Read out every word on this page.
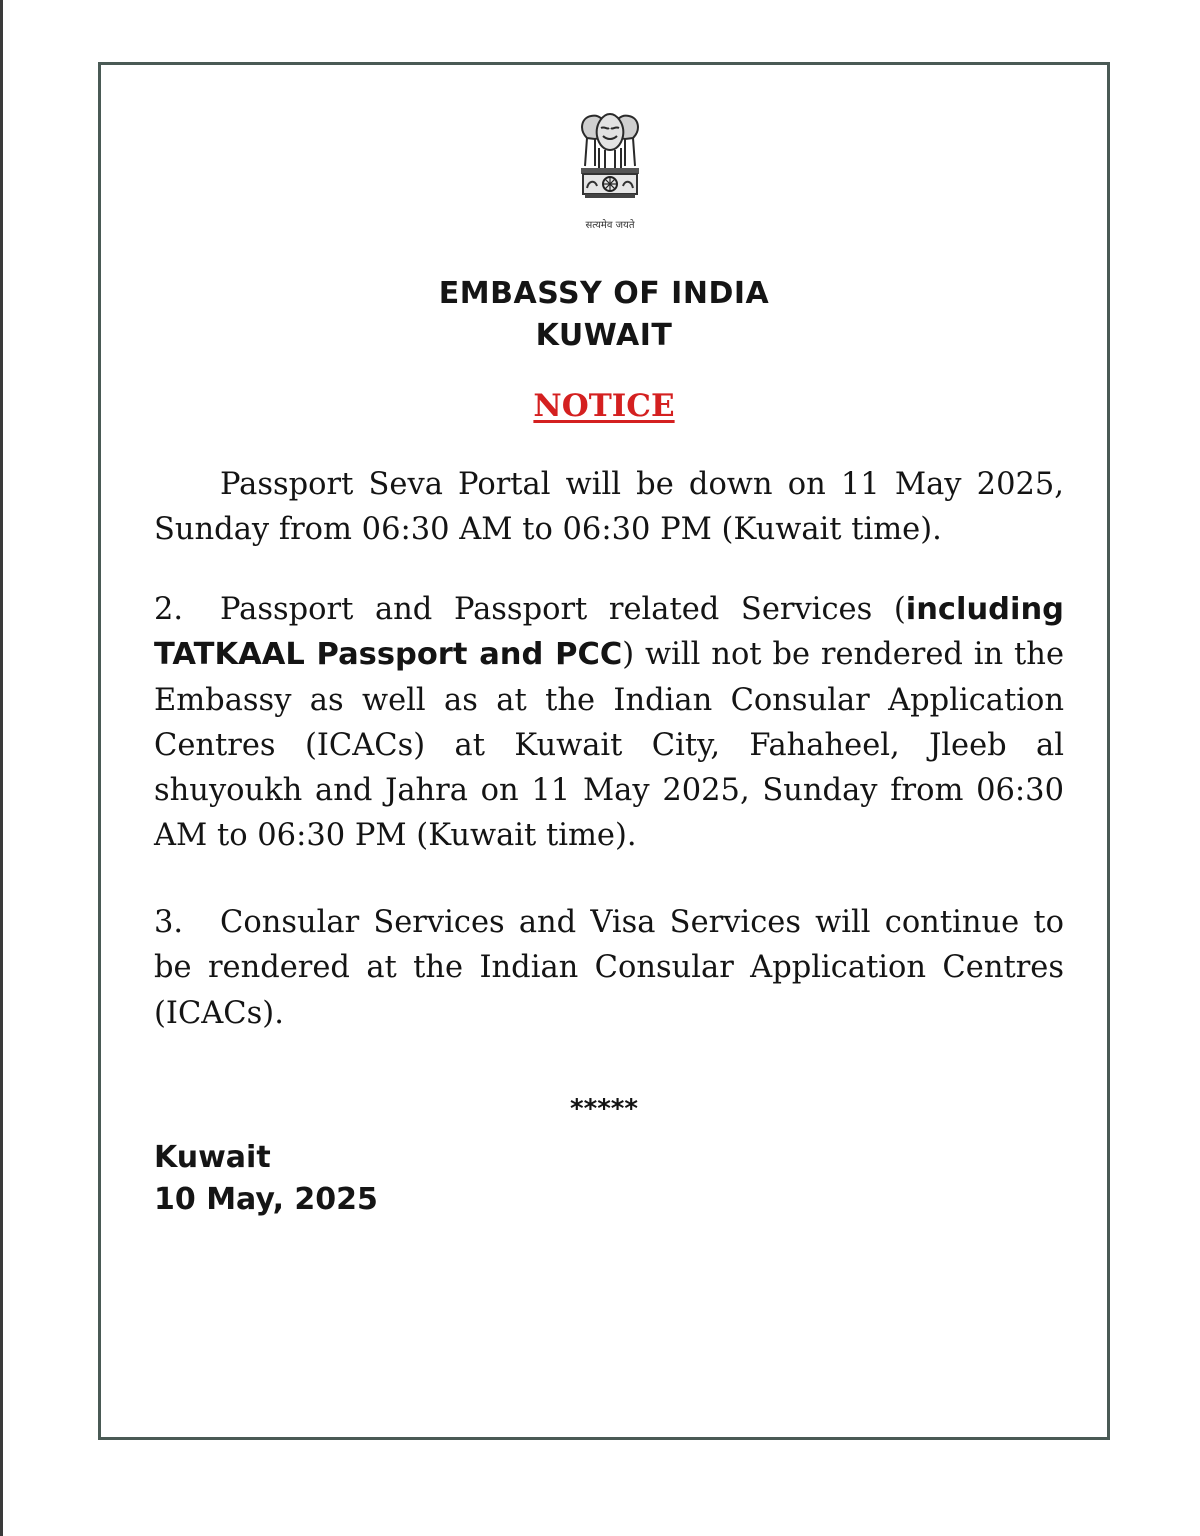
सत्यमेव जयते
EMBASSY OF INDIA
KUWAIT
NOTICE
Passport Seva Portal will be down on 11 May 2025, Sunday from 06:30 AM to 06:30 PM (Kuwait time).
2. Passport and Passport related Services (including TATKAAL Passport and PCC) will not be rendered in the Embassy as well as at the Indian Consular Application Centres (ICACs) at Kuwait City, Fahaheel, Jleeb al shuyoukh and Jahra on 11 May 2025, Sunday from 06:30 AM to 06:30 PM (Kuwait time).
3. Consular Services and Visa Services will continue to be rendered at the Indian Consular Application Centres (ICACs).
*****
Kuwait
10 May, 2025
